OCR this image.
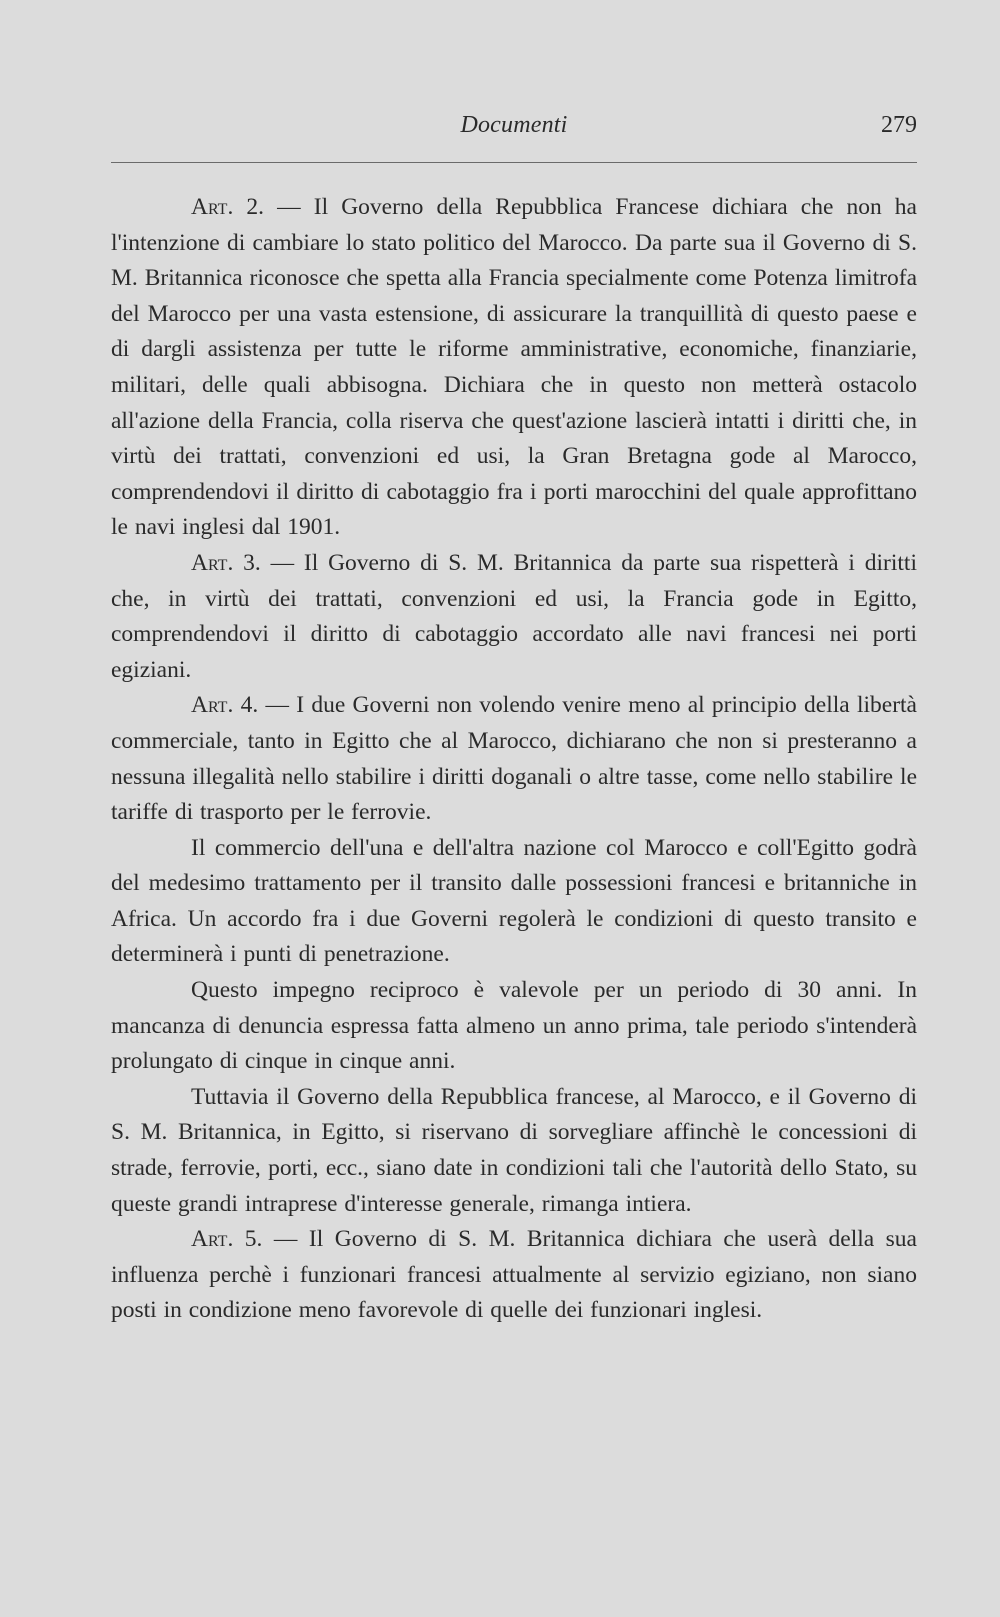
Documenti	279

Art. 2. — Il Governo della Repubblica Francese dichiara che non ha l'intenzione di cambiare lo stato politico del Marocco. Da parte sua il Governo di S. M. Britannica riconosce che spetta alla Francia specialmente come Potenza limitrofa del Marocco per una vasta estensione, di assicurare la tranquillità di questo paese e di dargli assistenza per tutte le riforme amministrative, economiche, finanziarie, militari, delle quali abbisogna. Dichiara che in questo non metterà ostacolo all'azione della Francia, colla riserva che quest'azione lascierà intatti i diritti che, in virtù dei trattati, convenzioni ed usi, la Gran Bretagna gode al Marocco, comprendendovi il diritto di cabotaggio fra i porti marocchini del quale approfittano le navi inglesi dal 1901.

Art. 3. — Il Governo di S. M. Britannica da parte sua rispetterà i diritti che, in virtù dei trattati, convenzioni ed usi, la Francia gode in Egitto, comprendendovi il diritto di cabotaggio accordato alle navi francesi nei porti egiziani.

Art. 4. — I due Governi non volendo venire meno al principio della libertà commerciale, tanto in Egitto che al Marocco, dichiarano che non si presteranno a nessuna illegalità nello stabilire i diritti doganali o altre tasse, come nello stabilire le tariffe di trasporto per le ferrovie.

Il commercio dell'una e dell'altra nazione col Marocco e coll'Egitto godrà del medesimo trattamento per il transito dalle possessioni francesi e britanniche in Africa. Un accordo fra i due Governi regolerà le condizioni di questo transito e determinerà i punti di penetrazione.

Questo impegno reciproco è valevole per un periodo di 30 anni. In mancanza di denuncia espressa fatta almeno un anno prima, tale periodo s'intenderà prolungato di cinque in cinque anni.

Tuttavia il Governo della Repubblica francese, al Marocco, e il Governo di S. M. Britannica, in Egitto, si riservano di sorvegliare affinchè le concessioni di strade, ferrovie, porti, ecc., siano date in condizioni tali che l'autorità dello Stato, su queste grandi intraprese d'interesse generale, rimanga intiera.

Art. 5. — Il Governo di S. M. Britannica dichiara che userà della sua influenza perchè i funzionari francesi attualmente al servizio egiziano, non siano posti in condizione meno favorevole di quelle dei funzionari inglesi.
